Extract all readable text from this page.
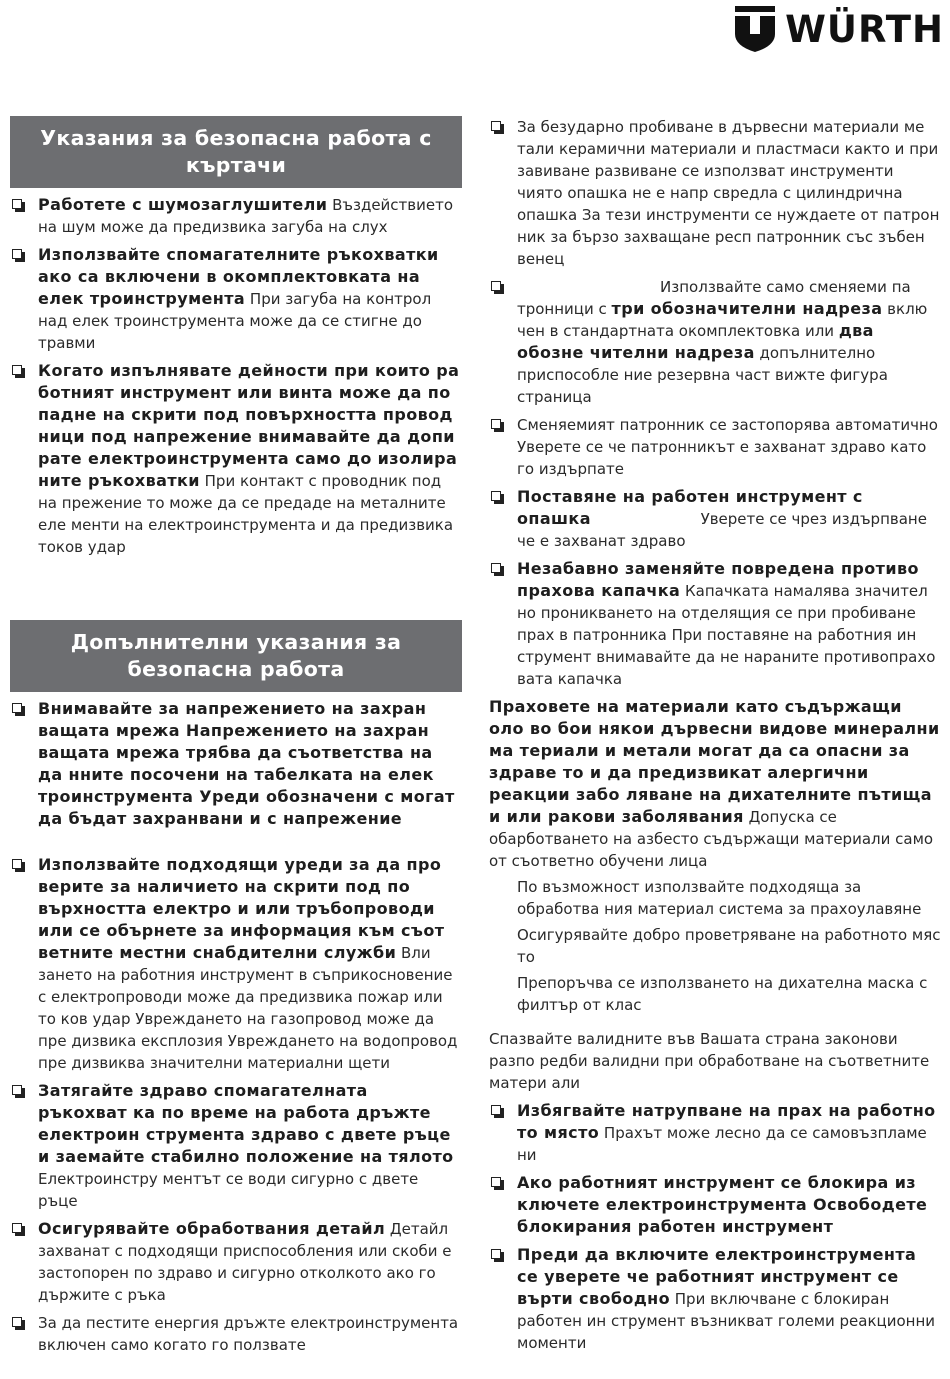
WÜRTH
Указания за безопасна работа с къртачи
Работете с шумозаглушители Въздействието на шум може да предизвика загуба на слух
Използвайте спомагателните ръкохватки ако са включени в окомплектовката на елек троинструмента При загуба на контрол над елек троинструмента може да се стигне до травми
Когато изпълнявате дейности при които ра ботният инструмент или винта може да по падне на скрити под повърхността провод ници под напрежение внимавайте да допи рате електроинструмента само до изолира ните ръкохватки При контакт с проводник под на прежение то може да се предаде на металните еле менти на електроинструмента и да предизвика токов удар
Допълнителни указания за безопасна работа
Внимавайте за напрежението на захран ващата мрежа Напрежението на захран ващата мрежа трябва да съответства на да нните посочени на табелката на елек троинструмента Уреди обозначени с могат да бъдат захранвани и с напрежение
Използвайте подходящи уреди за да про верите за наличието на скрити под по върхността електро и или тръбопроводи или се обърнете за информация към съот ветните местни снабдителни служби Вли зането на работния инструмент в съприкосновение с електропроводи може да предизвика пожар или то ков удар Увреждането на газопровод може да пре дизвика експлозия Увреждането на водопровод пре дизвиква значителни материални щети
Затягайте здраво спомагателната ръкохват ка по време на работа дръжте електроин струмента здраво с двете ръце и заемайте стабилно положение на тялото Електроинстру ментът се води сигурно с двете ръце
Осигурявайте обработвания детайл Детайл захванат с подходящи приспособления или скоби е застопорен по здраво и сигурно отколкото ако го държите с ръка
За да пестите енергия дръжте електроинструмента включен само когато го ползвате
За безударно пробиване в дървесни материали ме тали керамични материали и пластмаси както и при завиване развиване се използват инструменти чиято опашка не е напр свредла с цилиндрична опашка За тези инструменти се нуждаете от патрон ник за бързо захващане респ патронник със зъбен венец
Използвайте само сменяеми па тронници с три обозначителни надреза вклю чен в стандартната окомплектовка или два обозне чителни надреза допълнително приспособле ние резервна част вижте фигура страница
Сменяемият патронник се застопорява автоматично Уверете се че патронникът е захванат здраво като го издърпате
Поставяне на работен инструмент с опашка                       Уверете се чрез издърпване  че е захванат здраво
Незабавно заменяйте повредена противо прахова капачка Капачката намалява значител но проникването на отделящия се при пробиване прах в патронника При поставяне на работния ин струмент внимавайте да не нараните противопрахо вата капачка
Праховете на материали като съдържащи оло во бои някои дървесни видове минерални ма териали и метали могат да са опасни за здраве то и да предизвикат алергични реакции забо ляване на дихателните пътища и или ракови заболявания Допуска се обарботването на азбесто съдържащи материали само от съответно обучени лица
По възможност използвайте подходяща за обработва ния материал система за прахоулавяне
Осигурявайте добро проветряване на работното мяс то
Препоръчва се използването на дихателна маска с филтър от клас
Спазвайте валидните във Вашата страна законови разпо редби валидни при обработване на съответните матери али
Избягвайте натрупване на прах на работно то място Прахът може лесно да се самовъзпламе ни
Ако работният инструмент се блокира из ключете електроинструмента Освободете блокирания работен инструмент
Преди да включите електроинструмента се уверете че работният инструмент се върти свободно При включване с блокиран работен ин струмент възникват големи реакционни моменти
